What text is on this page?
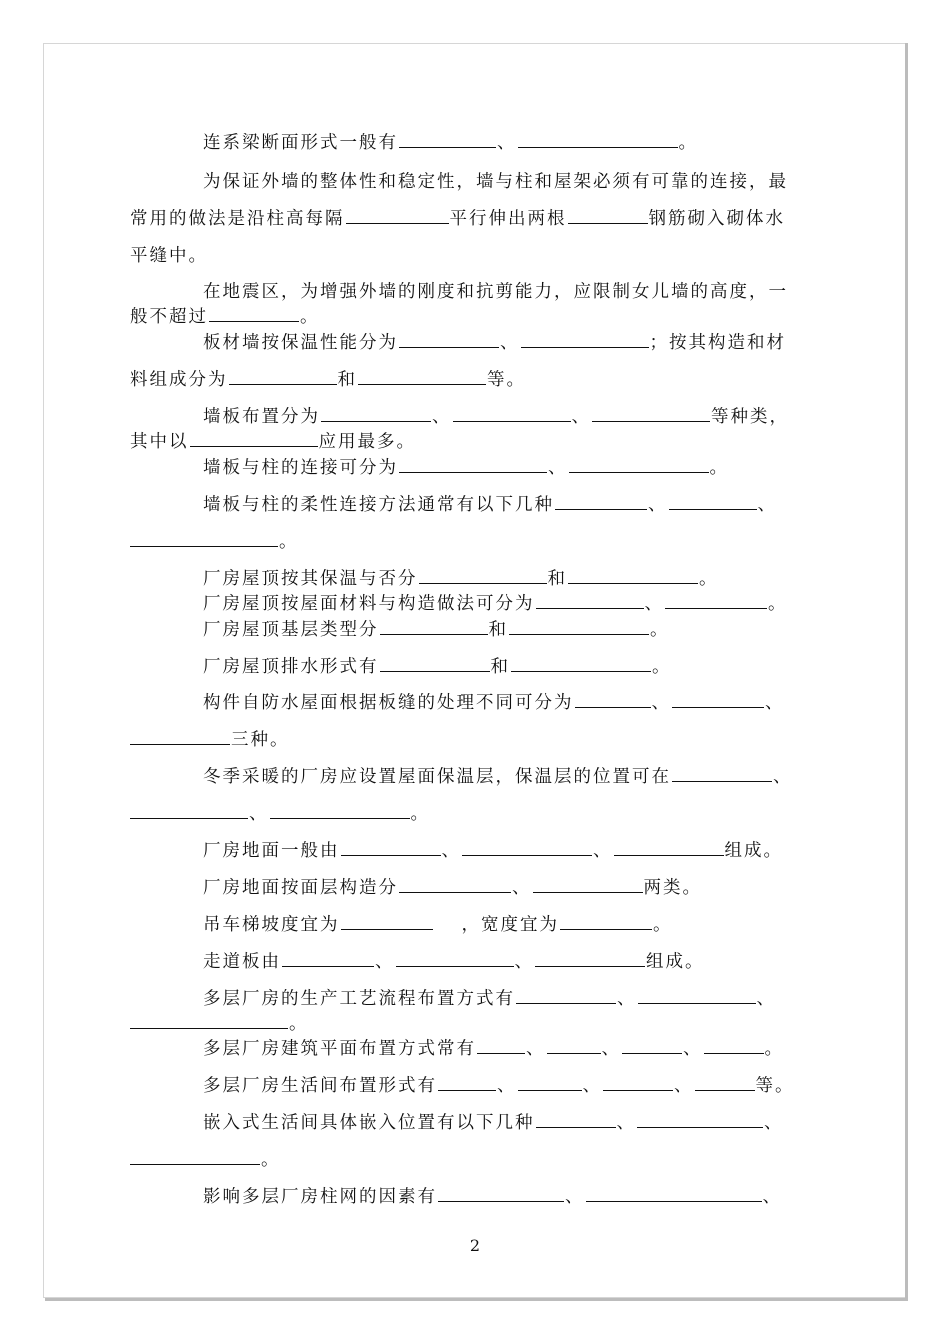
连系梁断面形式一般有	、	。
为保证外墙的整体性和稳定性，墙与柱和屋架必须有可靠的连接，最
常用的做法是沿柱高每隔	平行伸出两根	钢筋砌入砌体水
平缝中。
在地震区，为增强外墙的刚度和抗剪能力，应限制女儿墙的高度，一
般不超过	。
板材墙按保温性能分为	、	；按其构造和材
料组成分为	和	等。
墙板布置分为	、	、	等种类，
其中以	应用最多。
墙板与柱的连接可分为	、	。
墙板与柱的柔性连接方法通常有以下几种	、	、
。
厂房屋顶按其保温与否分	和	。
厂房屋顶按屋面材料与构造做法可分为	、	。
厂房屋顶基层类型分	和	。
厂房屋顶排水形式有	和	。
构件自防水屋面根据板缝的处理不同可分为	、	、
三种。
冬季采暖的厂房应设置屋面保温层，保温层的位置可在	、
、	。
厂房地面一般由	、	、	组成。
厂房地面按面层构造分	、	两类。
吊车梯坡度宜为	，宽度宜为	。
走道板由	、	、	组成。
多层厂房的生产工艺流程布置方式有	、	、
。
多层厂房建筑平面布置方式常有	、	、	、	。
多层厂房生活间布置形式有	、	、	、	等。
嵌入式生活间具体嵌入位置有以下几种	、	、
。
影响多层厂房柱网的因素有	、	、
2
